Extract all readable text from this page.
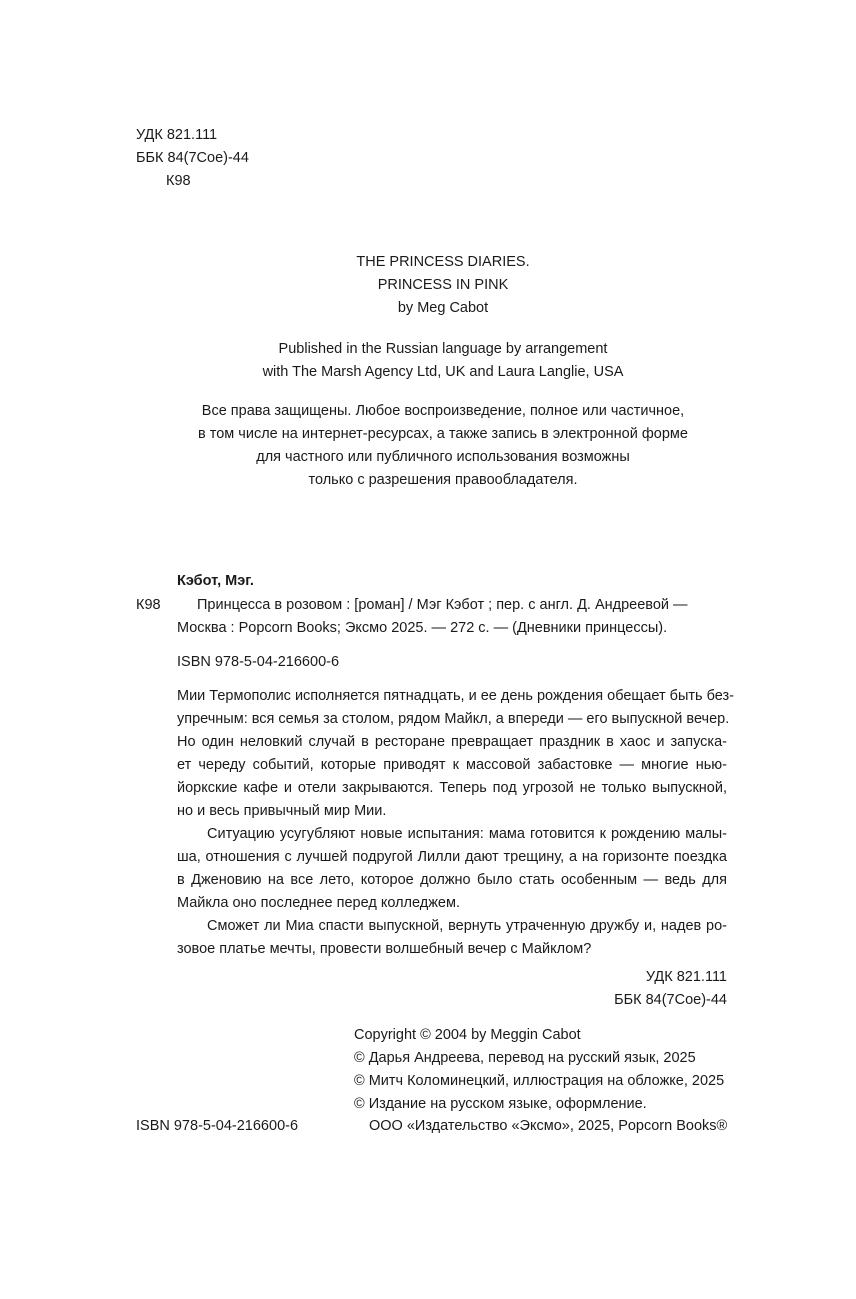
УДК 821.111
ББК 84(7Сое)-44
К98
THE PRINCESS DIARIES.
PRINCESS IN PINK
by Meg Cabot
Published in the Russian language by arrangement
with The Marsh Agency Ltd, UK and Laura Langlie, USA
Все права защищены. Любое воспроизведение, полное или частичное,
в том числе на интернет-ресурсах, а также запись в электронной форме
для частного или публичного использования возможны
только с разрешения правообладателя.
Кэбот, Мэг.
К98	Принцесса в розовом : [роман] / Мэг Кэбот ; пер. с англ. Д. Андреевой —
Москва : Popcorn Books; Эксмо 2025. — 272 с. — (Дневники принцессы).
ISBN 978-5-04-216600-6
Мии Термополис исполняется пятнадцать, и ее день рождения обещает быть без-
упречным: вся семья за столом, рядом Майкл, а впереди — его выпускной вечер.
Но один неловкий случай в ресторане превращает праздник в хаос и запуска-
ет череду событий, которые приводят к массовой забастовке — многие нью-
йоркские кафе и отели закрываются. Теперь под угрозой не только выпускной,
но и весь привычный мир Мии.
Ситуацию усугубляют новые испытания: мама готовится к рождению малы-
ша, отношения с лучшей подругой Лилли дают трещину, а на горизонте поездка
в Дженовию на все лето, которое должно было стать особенным — ведь для
Майкла оно последнее перед колледжем.
Сможет ли Миа спасти выпускной, вернуть утраченную дружбу и, надев ро-
зовое платье мечты, провести волшебный вечер с Майклом?
УДК 821.111
ББК 84(7Сое)-44
Copyright © 2004 by Meggin Cabot
© Дарья Андреева, перевод на русский язык, 2025
© Митч Коломинецкий, иллюстрация на обложке, 2025
© Издание на русском языке, оформление.
ISBN 978-5-04-216600-6	ООО «Издательство «Эксмо», 2025, Popcorn Books®
